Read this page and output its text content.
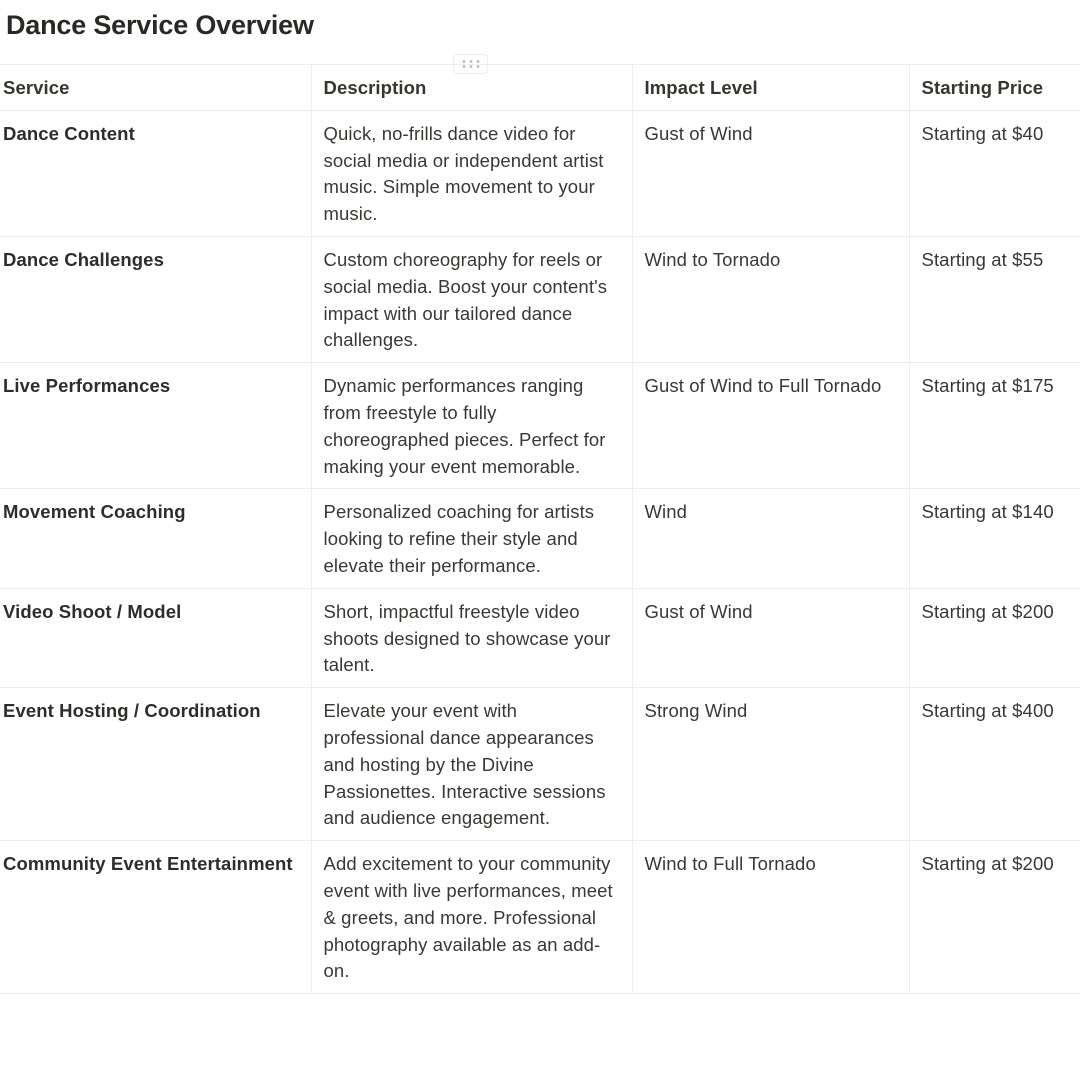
Dance Service Overview
Service	Description	Impact Level	Starting Price
Dance Content	Quick, no-frills dance video for social media or independent artist music. Simple movement to your music.	Gust of Wind	Starting at $40
Dance Challenges	Custom choreography for reels or social media. Boost your content's impact with our tailored dance challenges.	Wind to Tornado	Starting at $55
Live Performances	Dynamic performances ranging from freestyle to fully choreographed pieces. Perfect for making your event memorable.	Gust of Wind to Full Tornado	Starting at $175
Movement Coaching	Personalized coaching for artists looking to refine their style and elevate their performance.	Wind	Starting at $140
Video Shoot / Model	Short, impactful freestyle video shoots designed to showcase your talent.	Gust of Wind	Starting at $200
Event Hosting / Coordination	Elevate your event with professional dance appearances and hosting by the Divine Passionettes. Interactive sessions and audience engagement.	Strong Wind	Starting at $400
Community Event Entertainment	Add excitement to your community event with live performances, meet & greets, and more. Professional photography available as an add-on.	Wind to Full Tornado	Starting at $200
